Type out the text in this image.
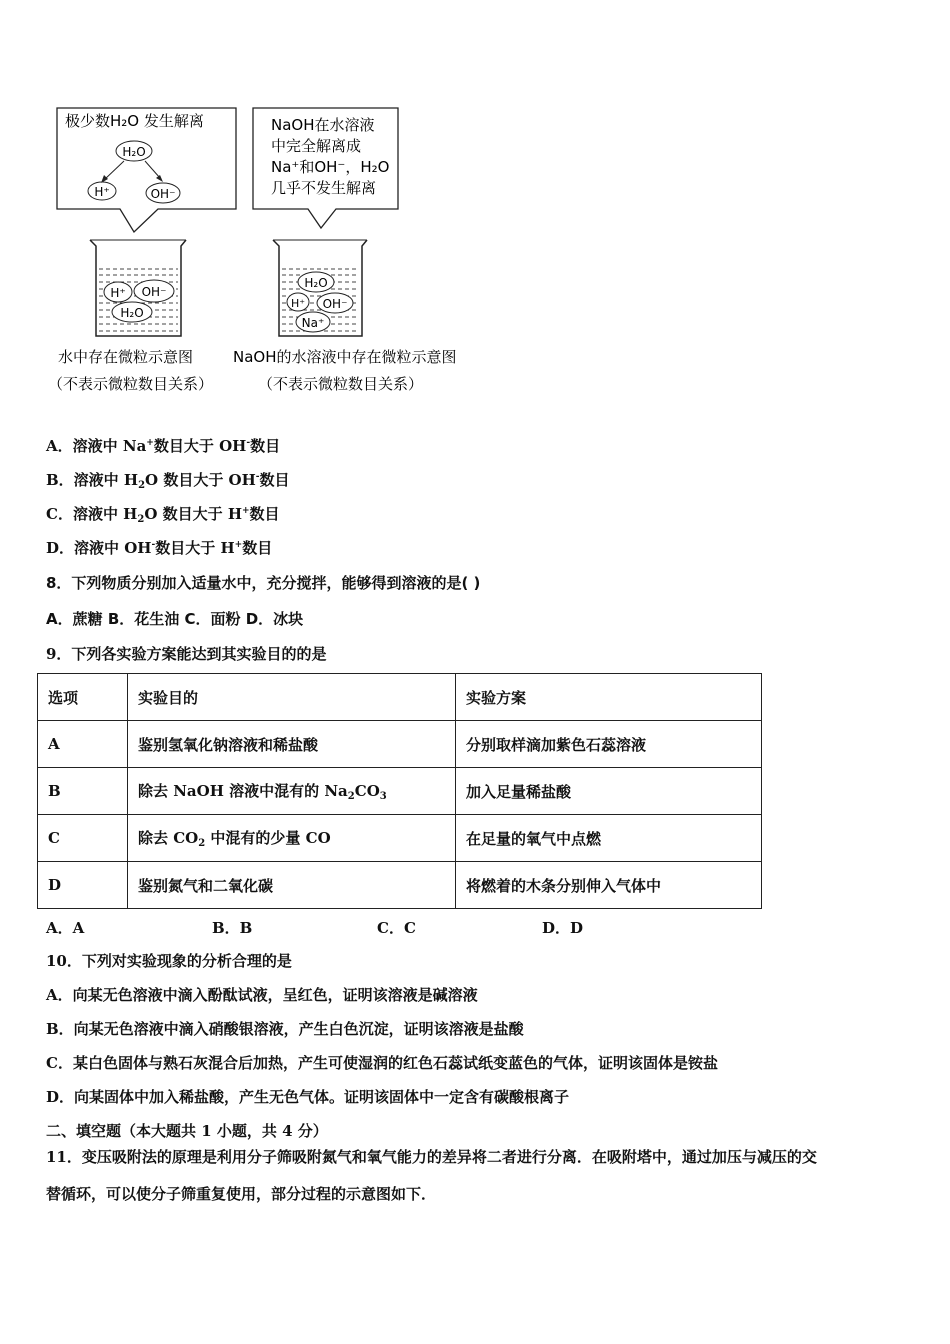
极少数H₂O 发生解离
H₂O
H⁺	OH⁻
NaOH在水溶液
中完全解离成
Na⁺和OH⁻，H₂O
几乎不发生解离
H⁺ OH⁻
H₂O
H₂O
H⁺ OH⁻
Na⁺
水中存在微粒示意图
（不表示微粒数目关系）
NaOH的水溶液中存在微粒示意图
（不表示微粒数目关系）
A．溶液中 Na+数目大于 OH-数目
B．溶液中 $H_2O$ 数目大于 OH-数目
C．溶液中 $H_2O$ 数目大于 H+数目
D．溶液中 OH-数目大于 H+数目
8．下列物质分别加入适量水中，充分搅拌，能够得到溶液的是( )
A．蔗糖 B．花生油 C．面粉 D．冰块
9．下列各实验方案能达到其实验目的的是
选项	实验目的	实验方案
A	鉴别氢氧化钠溶液和稀盐酸	分别取样滴加紫色石蕊溶液
B	除去 NaOH 溶液中混有的 $Na_2CO_3$	加入足量稀盐酸
C	除去 $CO_2$ 中混有的少量 CO	在足量的氧气中点燃
D	鉴别氮气和二氧化碳	将燃着的木条分别伸入气体中
A．A	B．B	C．C	D．D
10．下列对实验现象的分析合理的是
A．向某无色溶液中滴入酚酞试液，呈红色，证明该溶液是碱溶液
B．向某无色溶液中滴入硝酸银溶液，产生白色沉淀，证明该溶液是盐酸
C．某白色固体与熟石灰混合后加热，产生可使湿润的红色石蕊试纸变蓝色的气体，证明该固体是铵盐
D．向某固体中加入稀盐酸，产生无色气体。证明该固体中一定含有碳酸根离子
二、填空题（本大题共 1 小题，共 4 分）
11．变压吸附法的原理是利用分子筛吸附氮气和氧气能力的差异将二者进行分离．在吸附塔中，通过加压与减压的交
替循环，可以使分子筛重复使用，部分过程的示意图如下．
